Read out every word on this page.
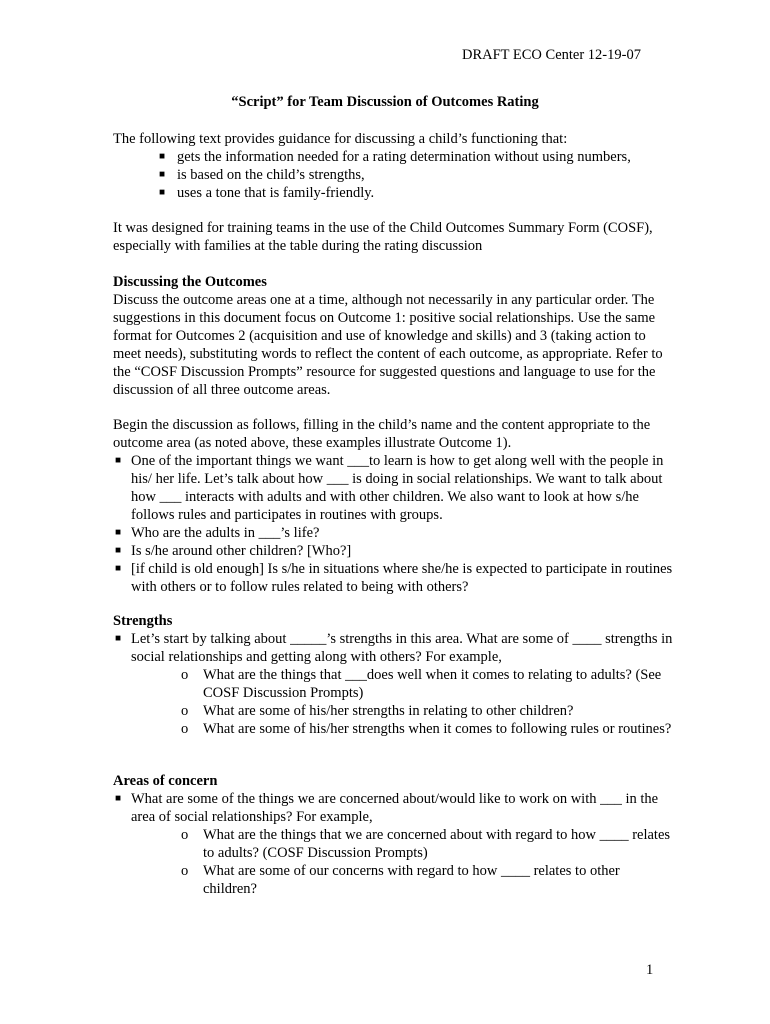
DRAFT ECO Center 12-19-07
“Script” for Team Discussion of Outcomes Rating

The following text provides guidance for discussing a child’s functioning that:

■ gets the information needed for a rating determination without using numbers,
■ is based on the child’s strengths,
■ uses a tone that is family-friendly.

It was designed for training teams in the use of the Child Outcomes Summary Form (COSF), especially with families at the table during the rating discussion

Discussing the Outcomes

Discuss the outcome areas one at a time, although not necessarily in any particular order. The suggestions in this document focus on Outcome 1: positive social relationships. Use the same format for Outcomes 2 (acquisition and use of knowledge and skills) and 3 (taking action to meet needs), substituting words to reflect the content of each outcome, as appropriate. Refer to the “COSF Discussion Prompts” resource for suggested questions and language to use for the discussion of all three outcome areas.

Begin the discussion as follows, filling in the child’s name and the content appropriate to the outcome area (as noted above, these examples illustrate Outcome 1).

■ One of the important things we want ___to learn is how to get along well with the people in his/ her life. Let’s talk about how ___ is doing in social relationships. We want to talk about how ___ interacts with adults and with other children. We also want to look at how s/he follows rules and participates in routines with groups.
■ Who are the adults in ___’s life?
■ Is s/he around other children? [Who?]
■ [if child is old enough] Is s/he in situations where she/he is expected to participate in routines with others or to follow rules related to being with others?

Strengths

■ Let’s start by talking about _____’s strengths in this area. What are some of ____ strengths in social relationships and getting along with others? For example,
o What are the things that ___does well when it comes to relating to adults? (See COSF Discussion Prompts)
o What are some of his/her strengths in relating to other children?
o What are some of his/her strengths when it comes to following rules or routines?

Areas of concern

■ What are some of the things we are concerned about/would like to work on with ___ in the area of social relationships? For example,
o What are the things that we are concerned about with regard to how ____ relates to adults? (COSF Discussion Prompts)
o What are some of our concerns with regard to how ____ relates to other children?
1
